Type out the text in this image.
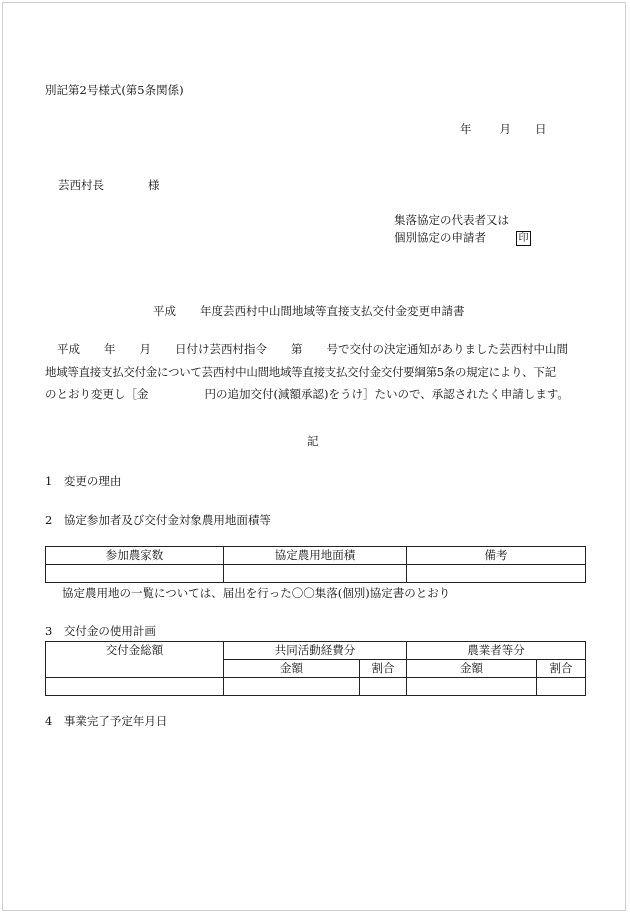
別記第2号様式(第5条関係)
年 月 日
芸西村長	様
集落協定の代表者又は
個別協定の申請者	印
平成 年度芸西村中山間地域等直接支払交付金変更申請書
平成 年 月 日付け芸西村指令 第 号で交付の決定通知がありました芸西村中山間
地域等直接支払交付金について芸西村中山間地域等直接支払交付金交付要綱第5条の規定により、下記
のとおり変更し［金	円の追加交付(減額承認)をうけ］たいので、承認されたく申請します。
記
1　変更の理由
2　協定参加者及び交付金対象農用地面積等
参加農家数	協定農用地面積	備考

協定農用地の一覧については、届出を行った〇〇集落(個別)協定書のとおり
3　交付金の使用計画
交付金総額	共同活動経費分		農業者等分	
	金額	割合	金額	割合

4　事業完了予定年月日
